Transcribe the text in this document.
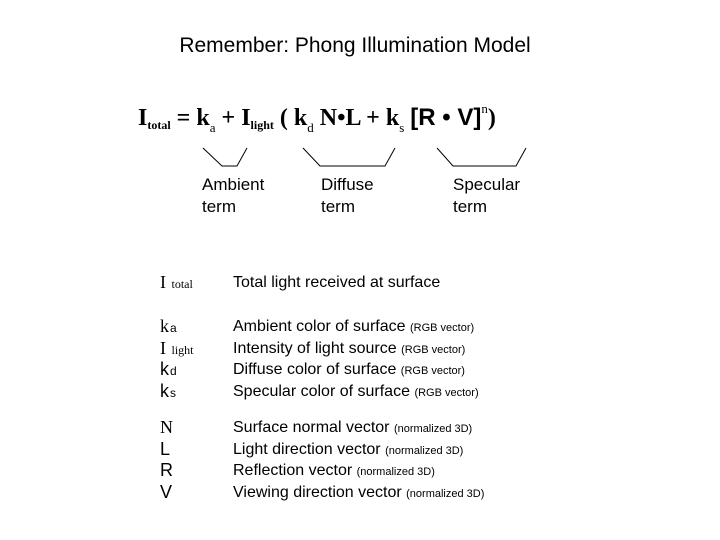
Remember: Phong Illumination Model
$I_{total} = k_a + I_{light}$ ( $k_d$ N•L + $k_s$ [R • V]$^n$)
Ambient
term
Diffuse
term
Specular
term
I total	Total light received at surface
ka
I light
kd
ks
Ambient color of surface (RGB vector)
Intensity of light source (RGB vector)
Diffuse color of surface (RGB vector)
Specular color of surface (RGB vector)
N
L
R
V
Surface normal vector (normalized 3D)
Light direction vector (normalized 3D)
Reflection vector (normalized 3D)
Viewing direction vector (normalized 3D)
